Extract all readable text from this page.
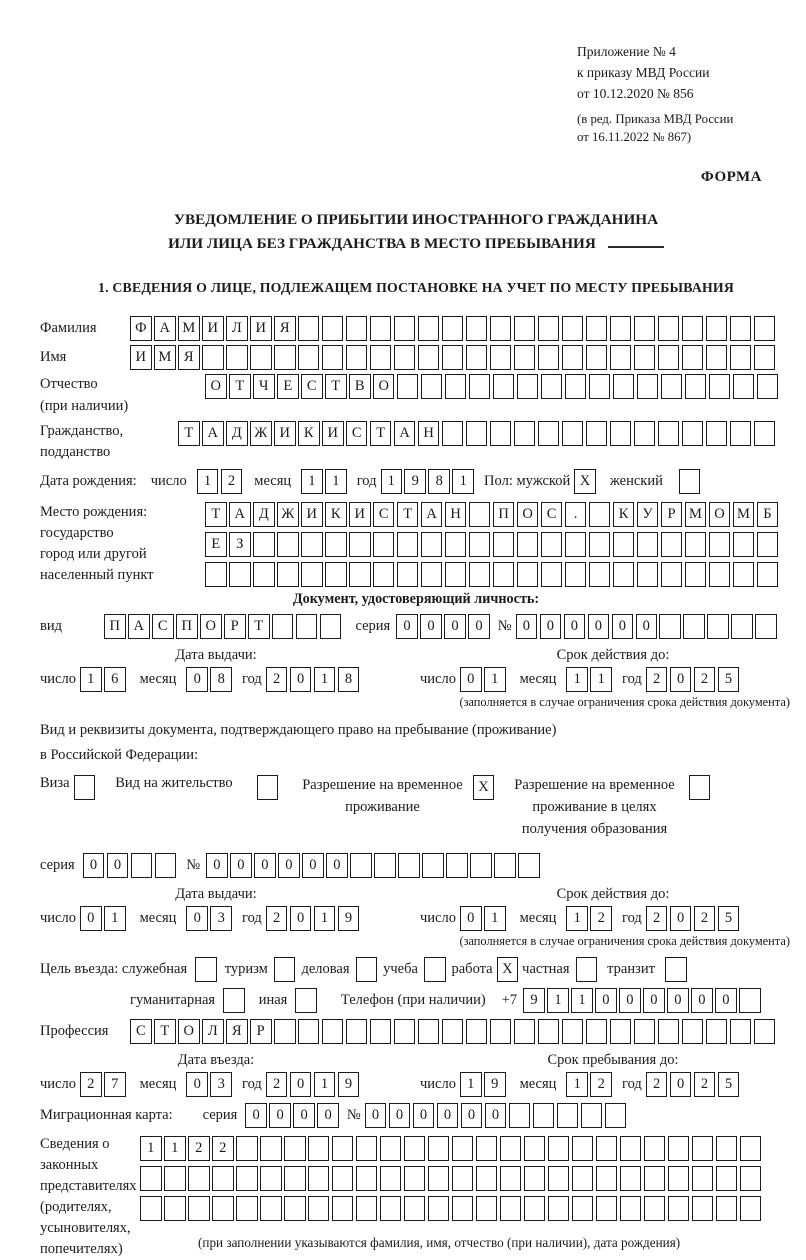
Приложение № 4
к приказу МВД России
от 10.12.2020 № 856
(в ред. Приказа МВД России
от 16.11.2022 № 867)
ФОРМА
УВЕДОМЛЕНИЕ О ПРИБЫТИИ ИНОСТРАННОГО ГРАЖДАНИНА
ИЛИ ЛИЦА БЕЗ ГРАЖДАНСТВА В МЕСТО ПРЕБЫВАНИЯ
1. СВЕДЕНИЯ О ЛИЦЕ, ПОДЛЕЖАЩЕМ ПОСТАНОВКЕ НА УЧЕТ ПО МЕСТУ ПРЕБЫВАНИЯ
Фамилия	Ф А М И Л И Я
Имя	И М Я
Отчество
(при наличии)
О Т	Ч	Е	С	Т	В О
Гражданство,
подданство
Т А Д Ж И К И С	Т А Н
Дата рождения: число	1	2	месяц	1	1	год 1	9	8	1	Пол: мужской X	женский
Место рождения:
государство
город или другой
населенный пункт
Т А Д Ж И К И С	Т А Н	П О С	.	К У	Р М О М Б
Е	З
Документ, удостоверяющий личность:
вид	П А С П О	Р	Т	серия 0	0	0	0	№ 0	0	0	0	0	0
Дата выдачи:
число 1	6	месяц	0	8	год 2	0	1	8
Срок действия до:
число 0	1	месяц	1	1	год 2	0	2	5
(заполняется в случае ограничения срока действия документа)
Вид и реквизиты документа, подтверждающего право на пребывание (проживание)
в Российской Федерации:
Виза	Вид на жительство	Разрешение на временное
проживание
X	Разрешение на временное
проживание в целях
получения образования
серия	0	0	№ 0	0	0	0	0	0
Дата выдачи:
число 0	1	месяц	0	3	год 2	0	1	9
Срок действия до:
число 0	1	месяц	1	2	год 2	0	2	5
(заполняется в случае ограничения срока действия документа)
Цель въезда: служебная	туризм деловая учеба работа X частная	транзит
гуманитарная	иная	Телефон (при наличии) +7 9	1	1	0	0	0	0	0	0
Профессия	С	Т О Л Я	Р
Дата въезда:
число 2	7	месяц	0	3	год 2	0	1	9
Срок пребывания до:
число 1	9	месяц	1	2	год 2	0	2	5
Миграционная карта: серия	0	0	0	0	№ 0	0	0	0	0	0
Сведения о
законных
представителях
(родителях,
усыновителях,
попечителях)
1	1	2	2
(при заполнении указываются фамилия, имя, отчество (при наличии), дата рождения)
